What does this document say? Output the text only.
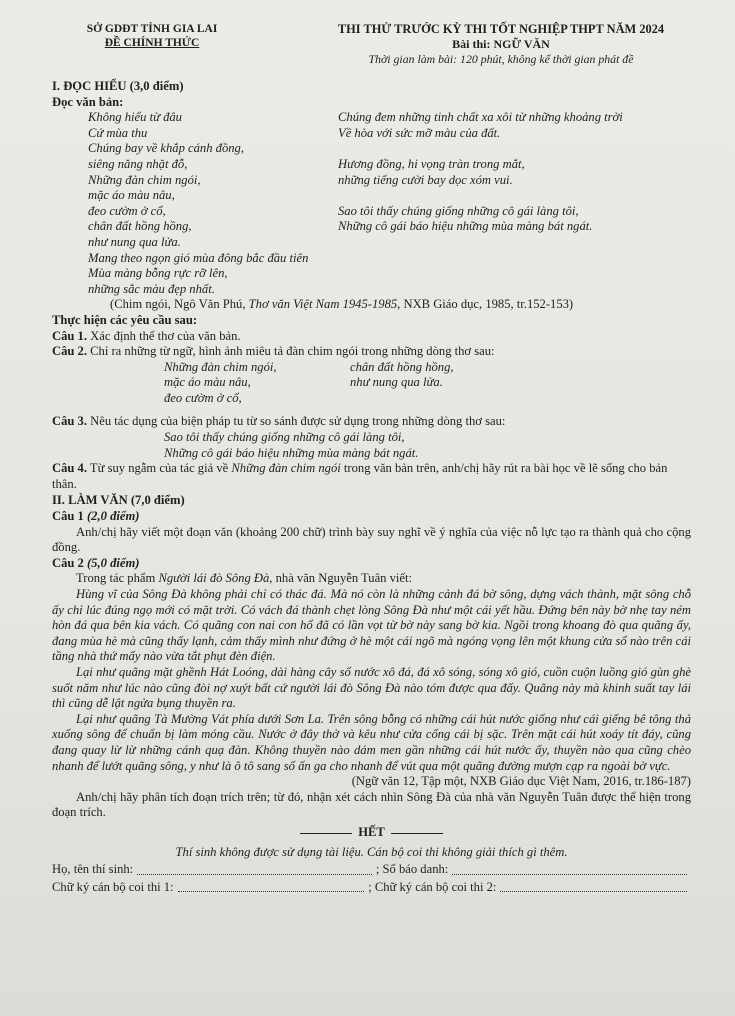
SỞ GDĐT TỈNH GIA LAI
ĐỀ CHÍNH THỨC
THI THỬ TRƯỚC KỲ THI TỐT NGHIỆP THPT NĂM 2024
Bài thi: NGỮ VĂN
Thời gian làm bài: 120 phút, không kể thời gian phát đề
I. ĐỌC HIỂU (3,0 điểm)
Đọc văn bản:
Không hiểu từ đâu
Cứ mùa thu
Chúng bay về khắp cánh đồng,
siêng năng nhặt đỗ,
Những đàn chim ngói,
mặc áo màu nâu,
đeo cườm ở cổ,
chân đất hồng hồng,
như nung qua lửa.
Mang theo ngọn gió mùa đông bắc đầu tiên
Mùa màng bỗng rực rỡ lên,
những sắc màu đẹp nhất.
Chúng đem những tinh chất xa xôi từ những khoảng trời
Về hòa với sức mỡ màu của đất.
Hương đồng, hi vọng tràn trong mắt,
những tiếng cười bay dọc xóm vui.
Sao tôi thấy chúng giống những cô gái làng tôi,
Những cô gái báo hiệu những mùa màng bát ngát.
(Chim ngói, Ngô Văn Phú, Thơ văn Việt Nam 1945-1985, NXB Giáo dục, 1985, tr.152-153)
Thực hiện các yêu cầu sau:

Câu 1. Xác định thể thơ của văn bản.

Câu 2. Chỉ ra những từ ngữ, hình ảnh miêu tả đàn chim ngói trong những dòng thơ sau:

Những đàn chim ngói,
mặc áo màu nâu,
đeo cườm ở cổ,
chân đất hồng hồng,
như nung qua lửa.

Câu 3. Nêu tác dụng của biện pháp tu từ so sánh được sử dụng trong những dòng thơ sau:

Sao tôi thấy chúng giống những cô gái làng tôi,
Những cô gái báo hiệu những mùa màng bát ngát.

Câu 4. Từ suy ngẫm của tác giả về Những đàn chim ngói trong văn bản trên, anh/chị hãy rút ra bài học về lẽ sống cho bản thân.

II. LÀM VĂN (7,0 điểm)
Câu 1 (2,0 điểm)

Anh/chị hãy viết một đoạn văn (khoảng 200 chữ) trình bày suy nghĩ về ý nghĩa của việc nỗ lực tạo ra thành quả cho cộng đồng.

Câu 2 (5,0 điểm)

Trong tác phẩm Người lái đò Sông Đà, nhà văn Nguyễn Tuân viết:

Hùng vĩ của Sông Đà không phải chỉ có thác đá. Mà nó còn là những cảnh đá bờ sông, dựng vách thành, mặt sông chỗ ấy chỉ lúc đúng ngọ mới có mặt trời. Có vách đá thành chẹt lòng Sông Đà như một cái yết hầu. Đứng bên này bờ nhẹ tay ném hòn đá qua bên kia vách. Có quãng con nai con hổ đã có lần vọt từ bờ này sang bờ kia. Ngồi trong khoang đò qua quãng ấy, đang mùa hè mà cũng thấy lạnh, cảm thấy mình như đứng ở hè một cái ngõ mà ngóng vọng lên một khung cửa sổ nào trên cái tầng nhà thứ mấy nào vừa tắt phụt đèn điện.

Lại như quãng mặt ghềnh Hát Loóng, dài hàng cây số nước xô đá, đá xô sóng, sóng xô gió, cuồn cuộn luồng gió gùn ghè suốt năm như lúc nào cũng đòi nợ xuýt bất cứ người lái đò Sông Đà nào tóm được qua đấy. Quãng này mà khinh suất tay lái thì cũng dễ lật ngửa bụng thuyền ra.

Lại như quãng Tà Mường Vát phía dưới Sơn La. Trên sông bỗng có những cái hút nước giống như cái giếng bê tông thả xuống sông để chuẩn bị làm móng cầu. Nước ở đây thở và kêu như cửa cống cái bị sặc. Trên mặt cái hút xoáy tít đáy, cũng đang quay lừ lừ những cánh quạ đàn. Không thuyền nào dám men gần những cái hút nước ấy, thuyền nào qua cũng chèo nhanh để lướt quãng sông, y như là ô tô sang số ấn ga cho nhanh để vút qua một quãng đường mượn cạp ra ngoài bờ vực.

(Ngữ văn 12, Tập một, NXB Giáo dục Việt Nam, 2016, tr.186-187)

Anh/chị hãy phân tích đoạn trích trên; từ đó, nhận xét cách nhìn Sông Đà của nhà văn Nguyễn Tuân được thể hiện trong đoạn trích.

HẾT
Thí sinh không được sử dụng tài liệu. Cán bộ coi thi không giải thích gì thêm.
Họ, tên thí sinh:	; Số báo danh:
Chữ ký cán bộ coi thi 1:	; Chữ ký cán bộ coi thi 2:
